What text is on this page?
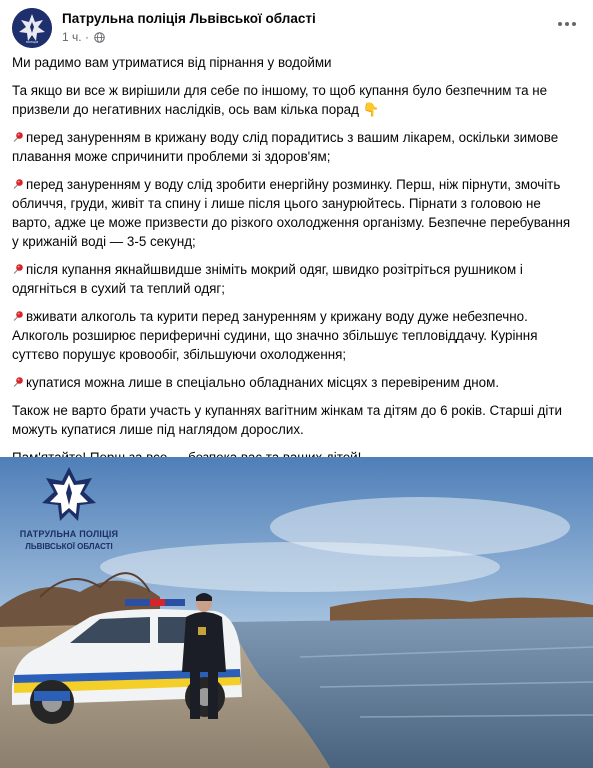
ПОЛІЦІЯ
Патрульна поліція Львівської області
1 ч. ·

Ми радимо вам утриматися від пірнання у водойми

Та якщо ви все ж вирішили для себе по іншому, то щоб купання було безпечним та не призвели до негативних наслідків, ось вам кілька порад 👇

перед зануренням в крижану воду слід порадитись з вашим лікарем, оскільки зимове плавання може спричинити проблеми зі здоров'ям;

перед зануренням у воду слід зробити енергійну розминку. Перш, ніж пірнути, змочіть обличчя, груди, живіт та спину і лише після цього занурюйтесь. Пірнати з головою не варто, адже це може призвести до різкого охолодження організму. Безпечне перебування у крижаній воді — 3-5 секунд;

після купання якнайшвидше зніміть мокрий одяг, швидко розітріться рушником і одягніться в сухий та теплий одяг;

вживати алкоголь та курити перед зануренням у крижану воду дуже небезпечно. Алкоголь розширює периферичні судини, що значно збільшує тепловіддачу. Куріння суттєво порушує кровообіг, збільшуючи охолодження;

купатися можна лише в спеціально обладнаних місцях з перевіреним дном.

Також не варто брати участь у купаннях вагітним жінкам та дітям до 6 років. Старші діти можуть купатися лише під наглядом дорослих.

ПАТРУЛЬНА ПОЛІЦІЯ
ЛЬВІВСЬКОЇ ОБЛАСТІ
